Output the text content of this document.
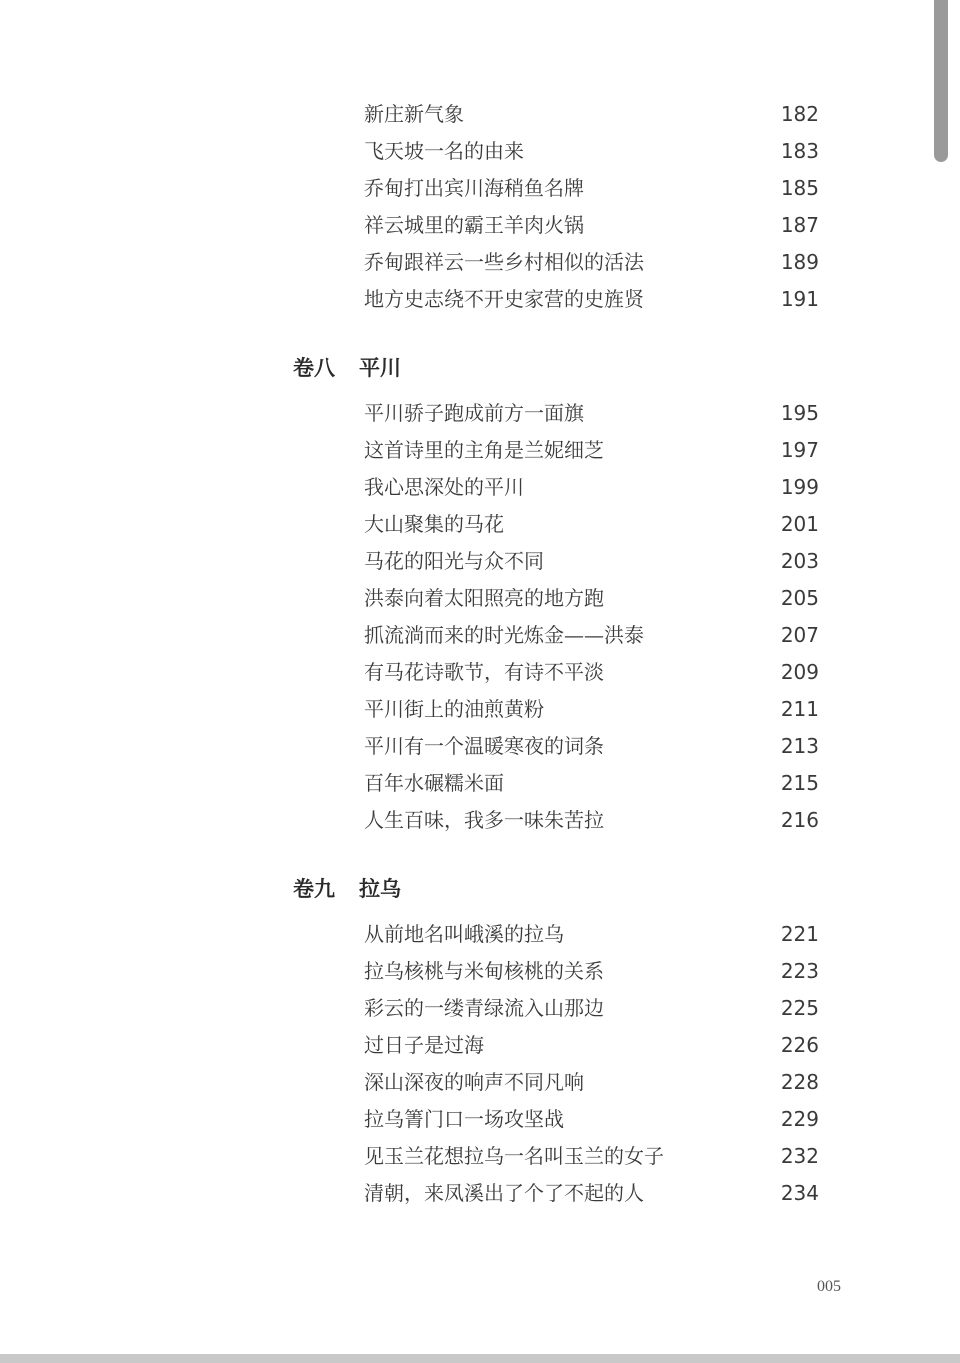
新庄新气象	182
飞天坡一名的由来	183
乔甸打出宾川海稍鱼名牌	185
祥云城里的霸王羊肉火锅	187
乔甸跟祥云一些乡村相似的活法	189
地方史志绕不开史家营的史旌贤	191
卷八 平川
平川骄子跑成前方一面旗	195
这首诗里的主角是兰妮细芝	197
我心思深处的平川	199
大山聚集的马花	201
马花的阳光与众不同	203
洪泰向着太阳照亮的地方跑	205
抓流淌而来的时光炼金——洪泰	207
有马花诗歌节，有诗不平淡	209
平川街上的油煎黄粉	211
平川有一个温暖寒夜的词条	213
百年水碾糯米面	215
人生百味，我多一味朱苦拉	216
卷九 拉乌
从前地名叫峨溪的拉乌	221
拉乌核桃与米甸核桃的关系	223
彩云的一缕青绿流入山那边	225
过日子是过海	226
深山深夜的响声不同凡响	228
拉乌箐门口一场攻坚战	229
见玉兰花想拉乌一名叫玉兰的女子	232
清朝，来凤溪出了个了不起的人	234
005
